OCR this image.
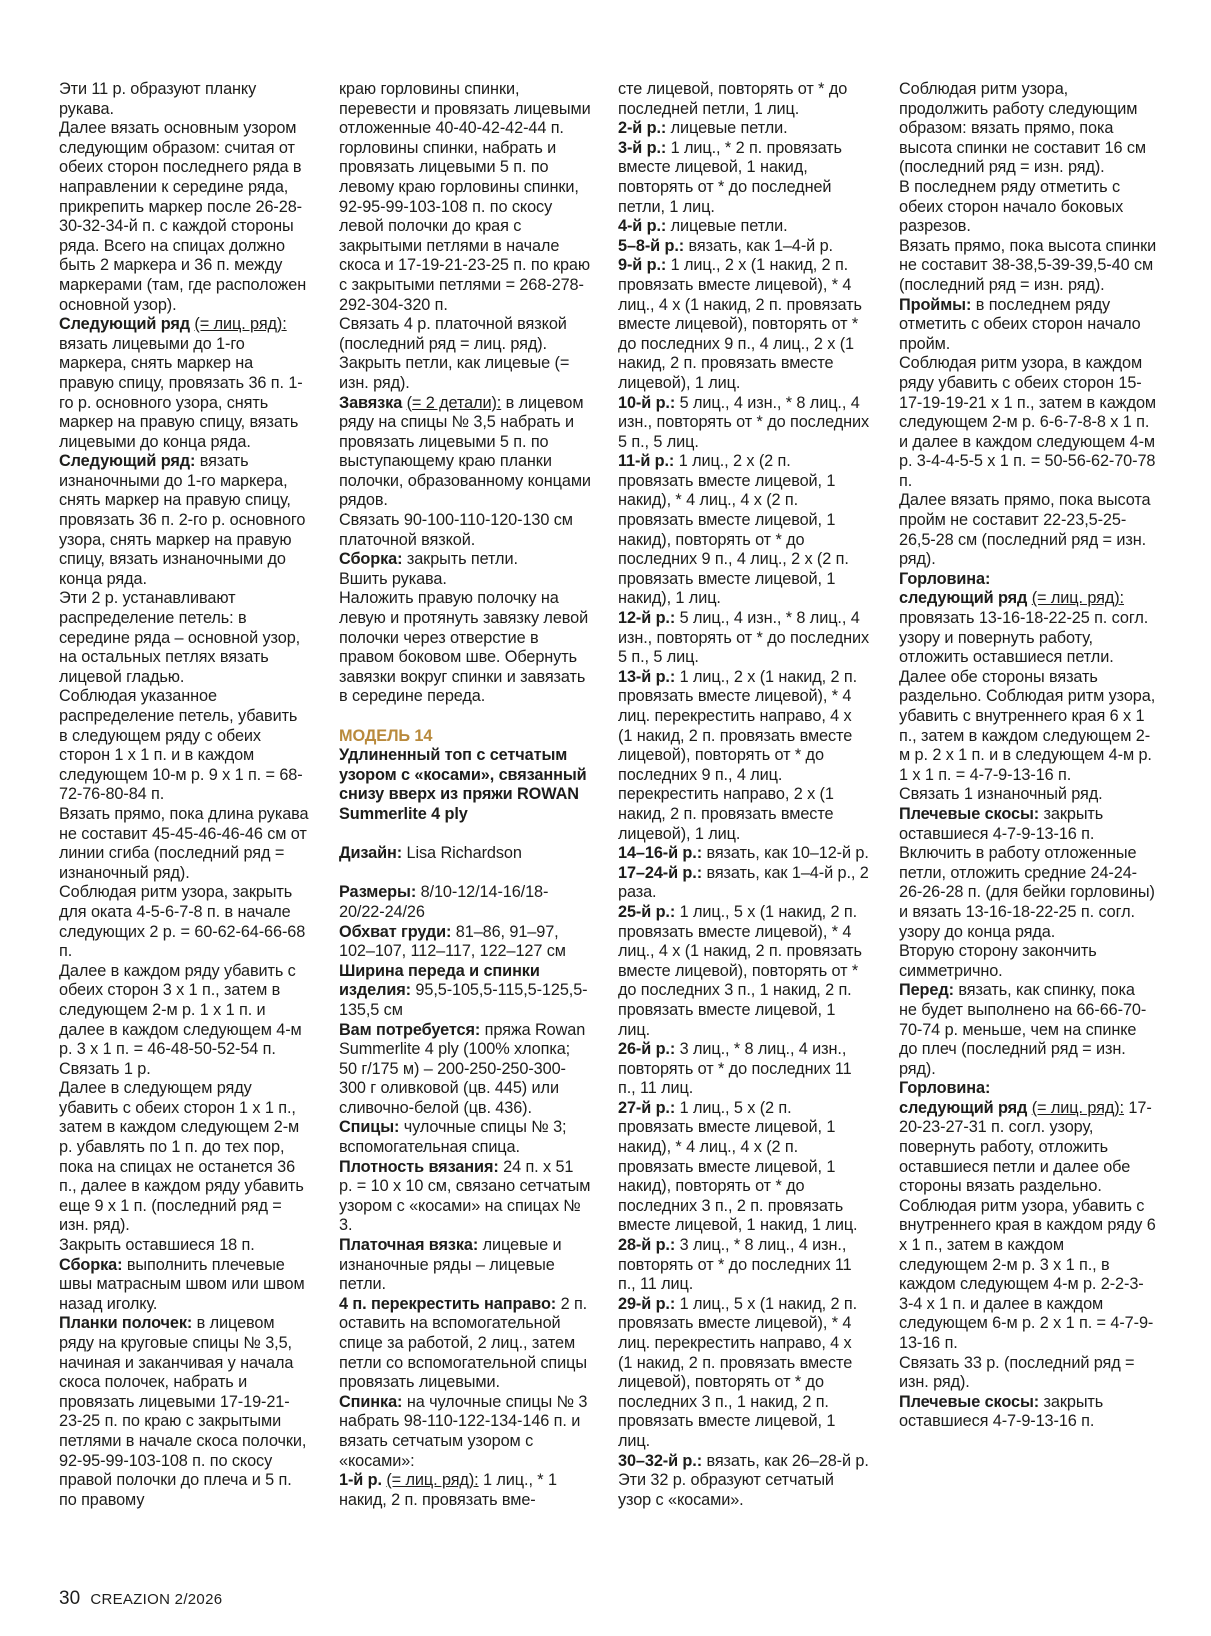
Эти 11 р. образуют планку рукава.

Далее вязать основным узором следующим образом: считая от обеих сторон последнего ряда в направлении к середине ряда, прикрепить маркер после 26-28-30-32-34-й п. с каждой стороны ряда. Всего на спицах должно быть 2 маркера и 36 п. между маркерами (там, где расположен основной узор).

Следующий ряд (= лиц. ряд): вязать лицевыми до 1-го маркера, снять маркер на правую спицу, провязать 36 п. 1-го р. основного узора, снять маркер на правую спицу, вязать лицевыми до конца ряда.

Следующий ряд: вязать изнаночными до 1-го маркера, снять маркер на правую спицу, провязать 36 п. 2-го р. основного узора, снять маркер на правую спицу, вязать изнаночными до конца ряда.

Эти 2 р. устанавливают распределение петель: в середине ряда – основной узор, на остальных петлях вязать лицевой гладью.

Соблюдая указанное распределение петель, убавить в следующем ряду с обеих сторон 1 х 1 п. и в каждом следующем 10-м р. 9 х 1 п. = 68-72-76-80-84 п.

Вязать прямо, пока длина рукава не составит 45-45-46-46-46 см от линии сгиба (последний ряд = изнаночный ряд).

Соблюдая ритм узора, закрыть для оката 4-5-6-7-8 п. в начале следующих 2 р. = 60-62-64-66-68 п.

Далее в каждом ряду убавить с обеих сторон 3 х 1 п., затем в следующем 2-м р. 1 х 1 п. и далее в каждом следующем 4-м р. 3 х 1 п. = 46-48-50-52-54 п.

Связать 1 р.

Далее в следующем ряду убавить с обеих сторон 1 х 1 п., затем в каждом следующем 2-м р. убавлять по 1 п. до тех пор, пока на спицах не останется 36 п., далее в каждом ряду убавить еще 9 х 1 п. (последний ряд = изн. ряд).

Закрыть оставшиеся 18 п.

Сборка: выполнить плечевые швы матрасным швом или швом назад иголку.

Планки полочек: в лицевом ряду на круговые спицы № 3,5, начиная и заканчивая у начала скоса полочек, набрать и провязать лицевыми 17-19-21-23-25 п. по краю с закрытыми петлями в начале скоса полочки, 92-95-99-103-108 п. по скосу правой полочки до плеча и 5 п. по правому

краю горловины спинки, перевести и провязать лицевыми отложенные 40-40-42-42-44 п. горловины спинки, набрать и провязать лицевыми 5 п. по левому краю горловины спинки, 92-95-99-103-108 п. по скосу левой полочки до края с закрытыми петлями в начале скоса и 17-19-21-23-25 п. по краю с закрытыми петлями = 268-278-292-304-320 п.

Связать 4 р. платочной вязкой (последний ряд = лиц. ряд).

Закрыть петли, как лицевые (= изн. ряд).

Завязка (= 2 детали): в лицевом ряду на спицы № 3,5 набрать и провязать лицевыми 5 п. по выступающему краю планки полочки, образованному концами рядов.

Связать 90-100-110-120-130 см платочной вязкой.

Сборка: закрыть петли.

Вшить рукава.

Наложить правую полочку на левую и протянуть завязку левой полочки через отверстие в правом боковом шве. Обернуть завязки вокруг спинки и завязать в середине переда.

МОДЕЛЬ 14

Удлиненный топ с сетчатым узором с «косами», связанный снизу вверх из пряжи ROWAN Summerlite 4 ply

Дизайн: Lisa Richardson

Размеры: 8/10-12/14-16/18-20/22-24/26

Обхват груди: 81–86, 91–97, 102–107, 112–117, 122–127 см

Ширина переда и спинки изделия: 95,5-105,5-115,5-125,5-135,5 см

Вам потребуется: пряжа Rowan Summerlite 4 ply (100% хлопка; 50 г/175 м) – 200-250-250-300-300 г оливковой (цв. 445) или сливочно-белой (цв. 436).

Спицы: чулочные спицы № 3; вспомогательная спица.

Плотность вязания: 24 п. х 51 р. = 10 х 10 см, связано сетчатым узором с «косами» на спицах № 3.

Платочная вязка: лицевые и изнаночные ряды – лицевые петли.

4 п. перекрестить направо: 2 п. оставить на вспомогательной спице за работой, 2 лиц., затем петли со вспомогательной спицы провязать лицевыми.

Спинка: на чулочные спицы № 3 набрать 98-110-122-134-146 п. и вязать сетчатым узором с «косами»:

1-й р. (= лиц. ряд): 1 лиц., * 1 накид, 2 п. провязать вме-

сте лицевой, повторять от * до последней петли, 1 лиц.

2-й р.: лицевые петли.

3-й р.: 1 лиц., * 2 п. провязать вместе лицевой, 1 накид, повторять от * до последней петли, 1 лиц.

4-й р.: лицевые петли.

5–8-й р.: вязать, как 1–4-й р.

9-й р.: 1 лиц., 2 х (1 накид, 2 п. провязать вместе лицевой), * 4 лиц., 4 х (1 накид, 2 п. провязать вместе лицевой), повторять от * до последних 9 п., 4 лиц., 2 х (1 накид, 2 п. провязать вместе лицевой), 1 лиц.

10-й р.: 5 лиц., 4 изн., * 8 лиц., 4 изн., повторять от * до последних 5 п., 5 лиц.

11-й р.: 1 лиц., 2 х (2 п. провязать вместе лицевой, 1 накид), * 4 лиц., 4 х (2 п. провязать вместе лицевой, 1 накид), повторять от * до последних 9 п., 4 лиц., 2 х (2 п. провязать вместе лицевой, 1 накид), 1 лиц.

12-й р.: 5 лиц., 4 изн., * 8 лиц., 4 изн., повторять от * до последних 5 п., 5 лиц.

13-й р.: 1 лиц., 2 х (1 накид, 2 п. провязать вместе лицевой), * 4 лиц. перекрестить направо, 4 х (1 накид, 2 п. провязать вместе лицевой), повторять от * до последних 9 п., 4 лиц. перекрестить направо, 2 х (1 накид, 2 п. провязать вместе лицевой), 1 лиц.

14–16-й р.: вязать, как 10–12-й р.

17–24-й р.: вязать, как 1–4-й р., 2 раза.

25-й р.: 1 лиц., 5 х (1 накид, 2 п. провязать вместе лицевой), * 4 лиц., 4 х (1 накид, 2 п. провязать вместе лицевой), повторять от * до последних 3 п., 1 накид, 2 п. провязать вместе лицевой, 1 лиц.

26-й р.: 3 лиц., * 8 лиц., 4 изн., повторять от * до последних 11 п., 11 лиц.

27-й р.: 1 лиц., 5 х (2 п. провязать вместе лицевой, 1 накид), * 4 лиц., 4 х (2 п. провязать вместе лицевой, 1 накид), повторять от * до последних 3 п., 2 п. провязать вместе лицевой, 1 накид, 1 лиц.

28-й р.: 3 лиц., * 8 лиц., 4 изн., повторять от * до последних 11 п., 11 лиц.

29-й р.: 1 лиц., 5 х (1 накид, 2 п. провязать вместе лицевой), * 4 лиц. перекрестить направо, 4 х (1 накид, 2 п. провязать вместе лицевой), повторять от * до последних 3 п., 1 накид, 2 п. провязать вместе лицевой, 1 лиц.

30–32-й р.: вязать, как 26–28-й р.

Эти 32 р. образуют сетчатый узор с «косами».

Соблюдая ритм узора, продолжить работу следующим образом: вязать прямо, пока высота спинки не составит 16 см (последний ряд = изн. ряд).

В последнем ряду отметить с обеих сторон начало боковых разрезов.

Вязать прямо, пока высота спинки не составит 38-38,5-39-39,5-40 см (последний ряд = изн. ряд).

Проймы: в последнем ряду отметить с обеих сторон начало пройм.

Соблюдая ритм узора, в каждом ряду убавить с обеих сторон 15-17-19-19-21 х 1 п., затем в каждом следующем 2-м р. 6-6-7-8-8 х 1 п. и далее в каждом следующем 4-м р. 3-4-4-5-5 х 1 п. = 50-56-62-70-78 п.

Далее вязать прямо, пока высота пройм не составит 22-23,5-25-26,5-28 см (последний ряд = изн. ряд).

Горловина:

следующий ряд (= лиц. ряд): провязать 13-16-18-22-25 п. согл. узору и повернуть работу, отложить оставшиеся петли. Далее обе стороны вязать раздельно. Соблюдая ритм узора, убавить с внутреннего края 6 х 1 п., затем в каждом следующем 2-м р. 2 х 1 п. и в следующем 4-м р. 1 х 1 п. = 4-7-9-13-16 п.

Связать 1 изнаночный ряд.

Плечевые скосы: закрыть оставшиеся 4-7-9-13-16 п.

Включить в работу отложенные петли, отложить средние 24-24-26-26-28 п. (для бейки горловины) и вязать 13-16-18-22-25 п. согл. узору до конца ряда.

Вторую сторону закончить симметрично.

Перед: вязать, как спинку, пока не будет выполнено на 66-66-70-70-74 р. меньше, чем на спинке до плеч (последний ряд = изн. ряд).

Горловина:

следующий ряд (= лиц. ряд): 17-20-23-27-31 п. согл. узору, повернуть работу, отложить оставшиеся петли и далее обе стороны вязать раздельно.

Соблюдая ритм узора, убавить с внутреннего края в каждом ряду 6 х 1 п., затем в каждом следующем 2-м р. 3 х 1 п., в каждом следующем 4-м р. 2-2-3-3-4 х 1 п. и далее в каждом следующем 6-м р. 2 х 1 п. = 4-7-9-13-16 п.

Связать 33 р. (последний ряд = изн. ряд).

Плечевые скосы: закрыть оставшиеся 4-7-9-13-16 п.

30 CREAZION 2/2026
